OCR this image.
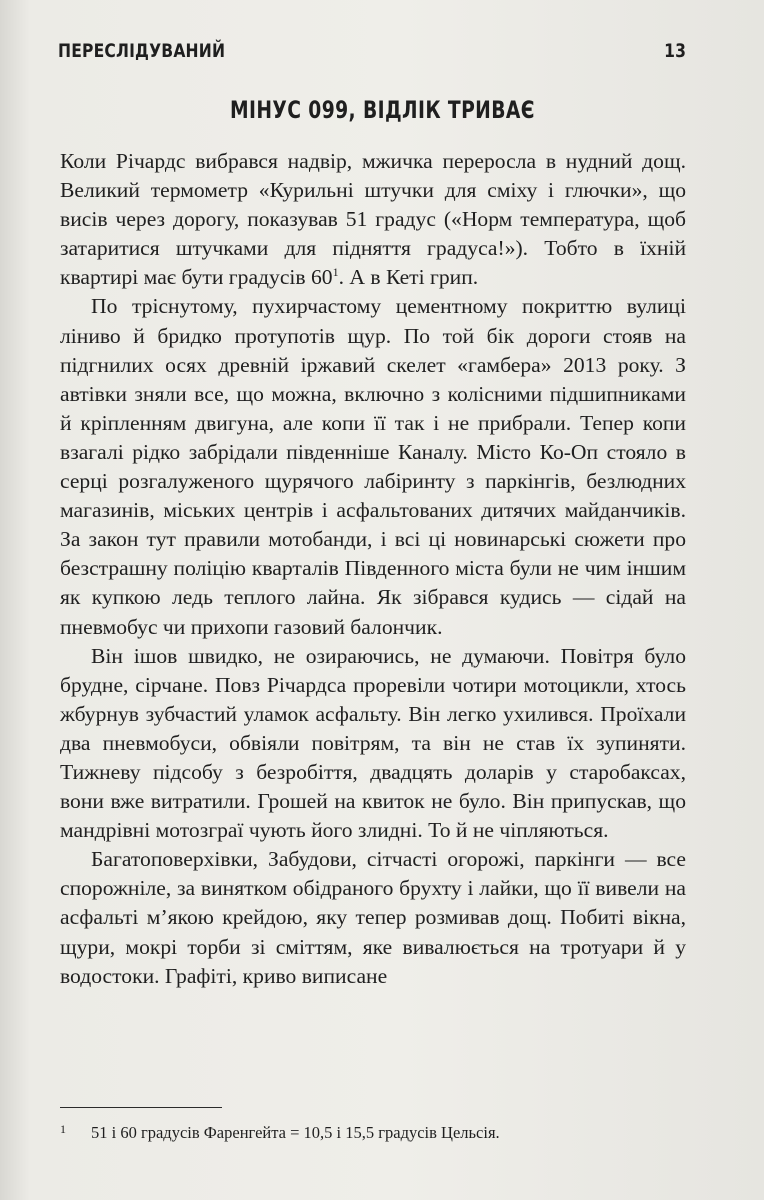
ПЕРЕСЛІДУВАНИЙ	13
МІНУС 099, ВІДЛІК ТРИВАЄ

Коли Річардс вибрався надвір, мжичка переросла в нудний дощ. Великий термометр «Курильні штучки для сміху і глючки», що висів через дорогу, показував 51 градус («Норм температура, щоб затаритися штучками для підняття градуса!»). Тобто в їхній квартирі має бути градусів 60$^1$. А в Кеті грип.

По тріснутому, пухирчастому цементному покриттю вулиці ліниво й бридко протупотів щур. По той бік дороги стояв на підгнилих осях древній іржавий скелет «гамбера» 2013 року. З автівки зняли все, що можна, включно з колісними підшипниками й кріпленням двигуна, але копи її так і не прибрали. Тепер копи взагалі рідко забрідали південніше Каналу. Місто Ко-Оп стояло в серці розгалуженого щурячого лабіринту з паркінгів, безлюдних магазинів, міських центрів і асфальтованих дитячих майданчиків. За закон тут правили мотобанди, і всі ці новинарські сюжети про безстрашну поліцію кварталів Південного міста були не чим іншим як купкою ледь теплого лайна. Як зібрався кудись — сідай на пневмобус чи прихопи газовий балончик.

Він ішов швидко, не озираючись, не думаючи. Повітря було брудне, сірчане. Повз Річардса проревіли чотири мотоцикли, хтось жбурнув зубчастий уламок асфальту. Він легко ухилився. Проїхали два пневмобуси, обвіяли повітрям, та він не став їх зупиняти. Тижневу підсобу з безробіття, двадцять доларів у старобаксах, вони вже витратили. Грошей на квиток не було. Він припускав, що мандрівні мотозграї чують його злидні. То й не чіпляються.

Багатоповерхівки, Забудови, сітчасті огорожі, паркінги — все спорожніле, за винятком обідраного брухту і лайки, що її вивели на асфальті м’якою крейдою, яку тепер розмивав дощ. Побиті вікна, щури, мокрі торби зі сміттям, яке вивалюється на тротуари й у водостоки. Графіті, криво виписане

1 51 і 60 градусів Фаренгейта = 10,5 і 15,5 градусів Цельсія.
